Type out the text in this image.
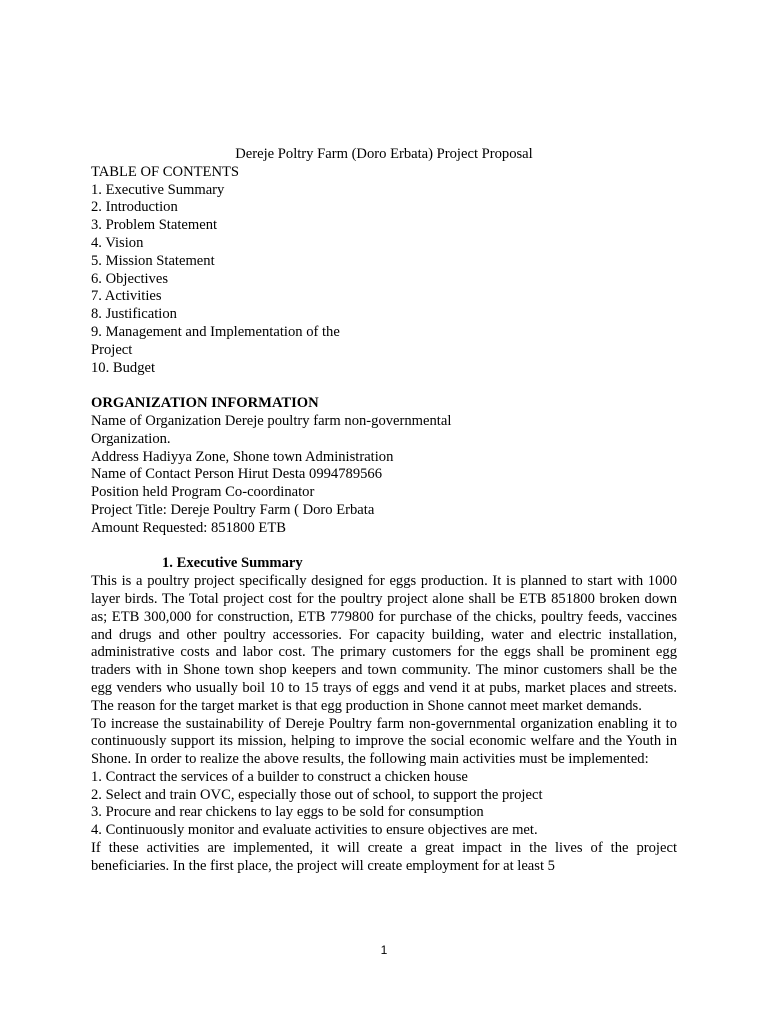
Dereje Poltry Farm (Doro Erbata) Project Proposal

TABLE OF CONTENTS

1. Executive Summary

2. Introduction

3. Problem Statement

4. Vision

5. Mission Statement

6. Objectives

7. Activities

8. Justification

9. Management and Implementation of the Project

10. Budget

ORGANIZATION INFORMATION

Name of Organization Dereje poultry farm non-governmental Organization.

Address Hadiyya Zone, Shone town Administration

Name of Contact Person Hirut Desta 0994789566

Position held Program Co-coordinator

Project Title: Dereje Poultry Farm ( Doro Erbata

Amount Requested: 851800 ETB

1. Executive Summary

This is a poultry project specifically designed for eggs production. It is planned to start with 1000 layer birds. The Total project cost for the poultry project alone shall be ETB 851800 broken down as; ETB 300,000 for construction, ETB 779800 for purchase of the chicks, poultry feeds, vaccines and drugs and other poultry accessories. For capacity building, water and electric installation, administrative costs and labor cost. The primary customers for the eggs shall be prominent egg traders with in Shone town shop keepers and town community. The minor customers shall be the egg venders who usually boil 10 to 15 trays of eggs and vend it at pubs, market places and streets. The reason for the target market is that egg production in Shone cannot meet market demands.

To increase the sustainability of Dereje Poultry farm non-governmental organization enabling it to continuously support its mission, helping to improve the social economic welfare and the Youth in Shone. In order to realize the above results, the following main activities must be implemented:

1. Contract the services of a builder to construct a chicken house

2. Select and train OVC, especially those out of school, to support the project

3. Procure and rear chickens to lay eggs to be sold for consumption

4. Continuously monitor and evaluate activities to ensure objectives are met.

If these activities are implemented, it will create a great impact in the lives of the project beneficiaries. In the first place, the project will create employment for at least 5

1
